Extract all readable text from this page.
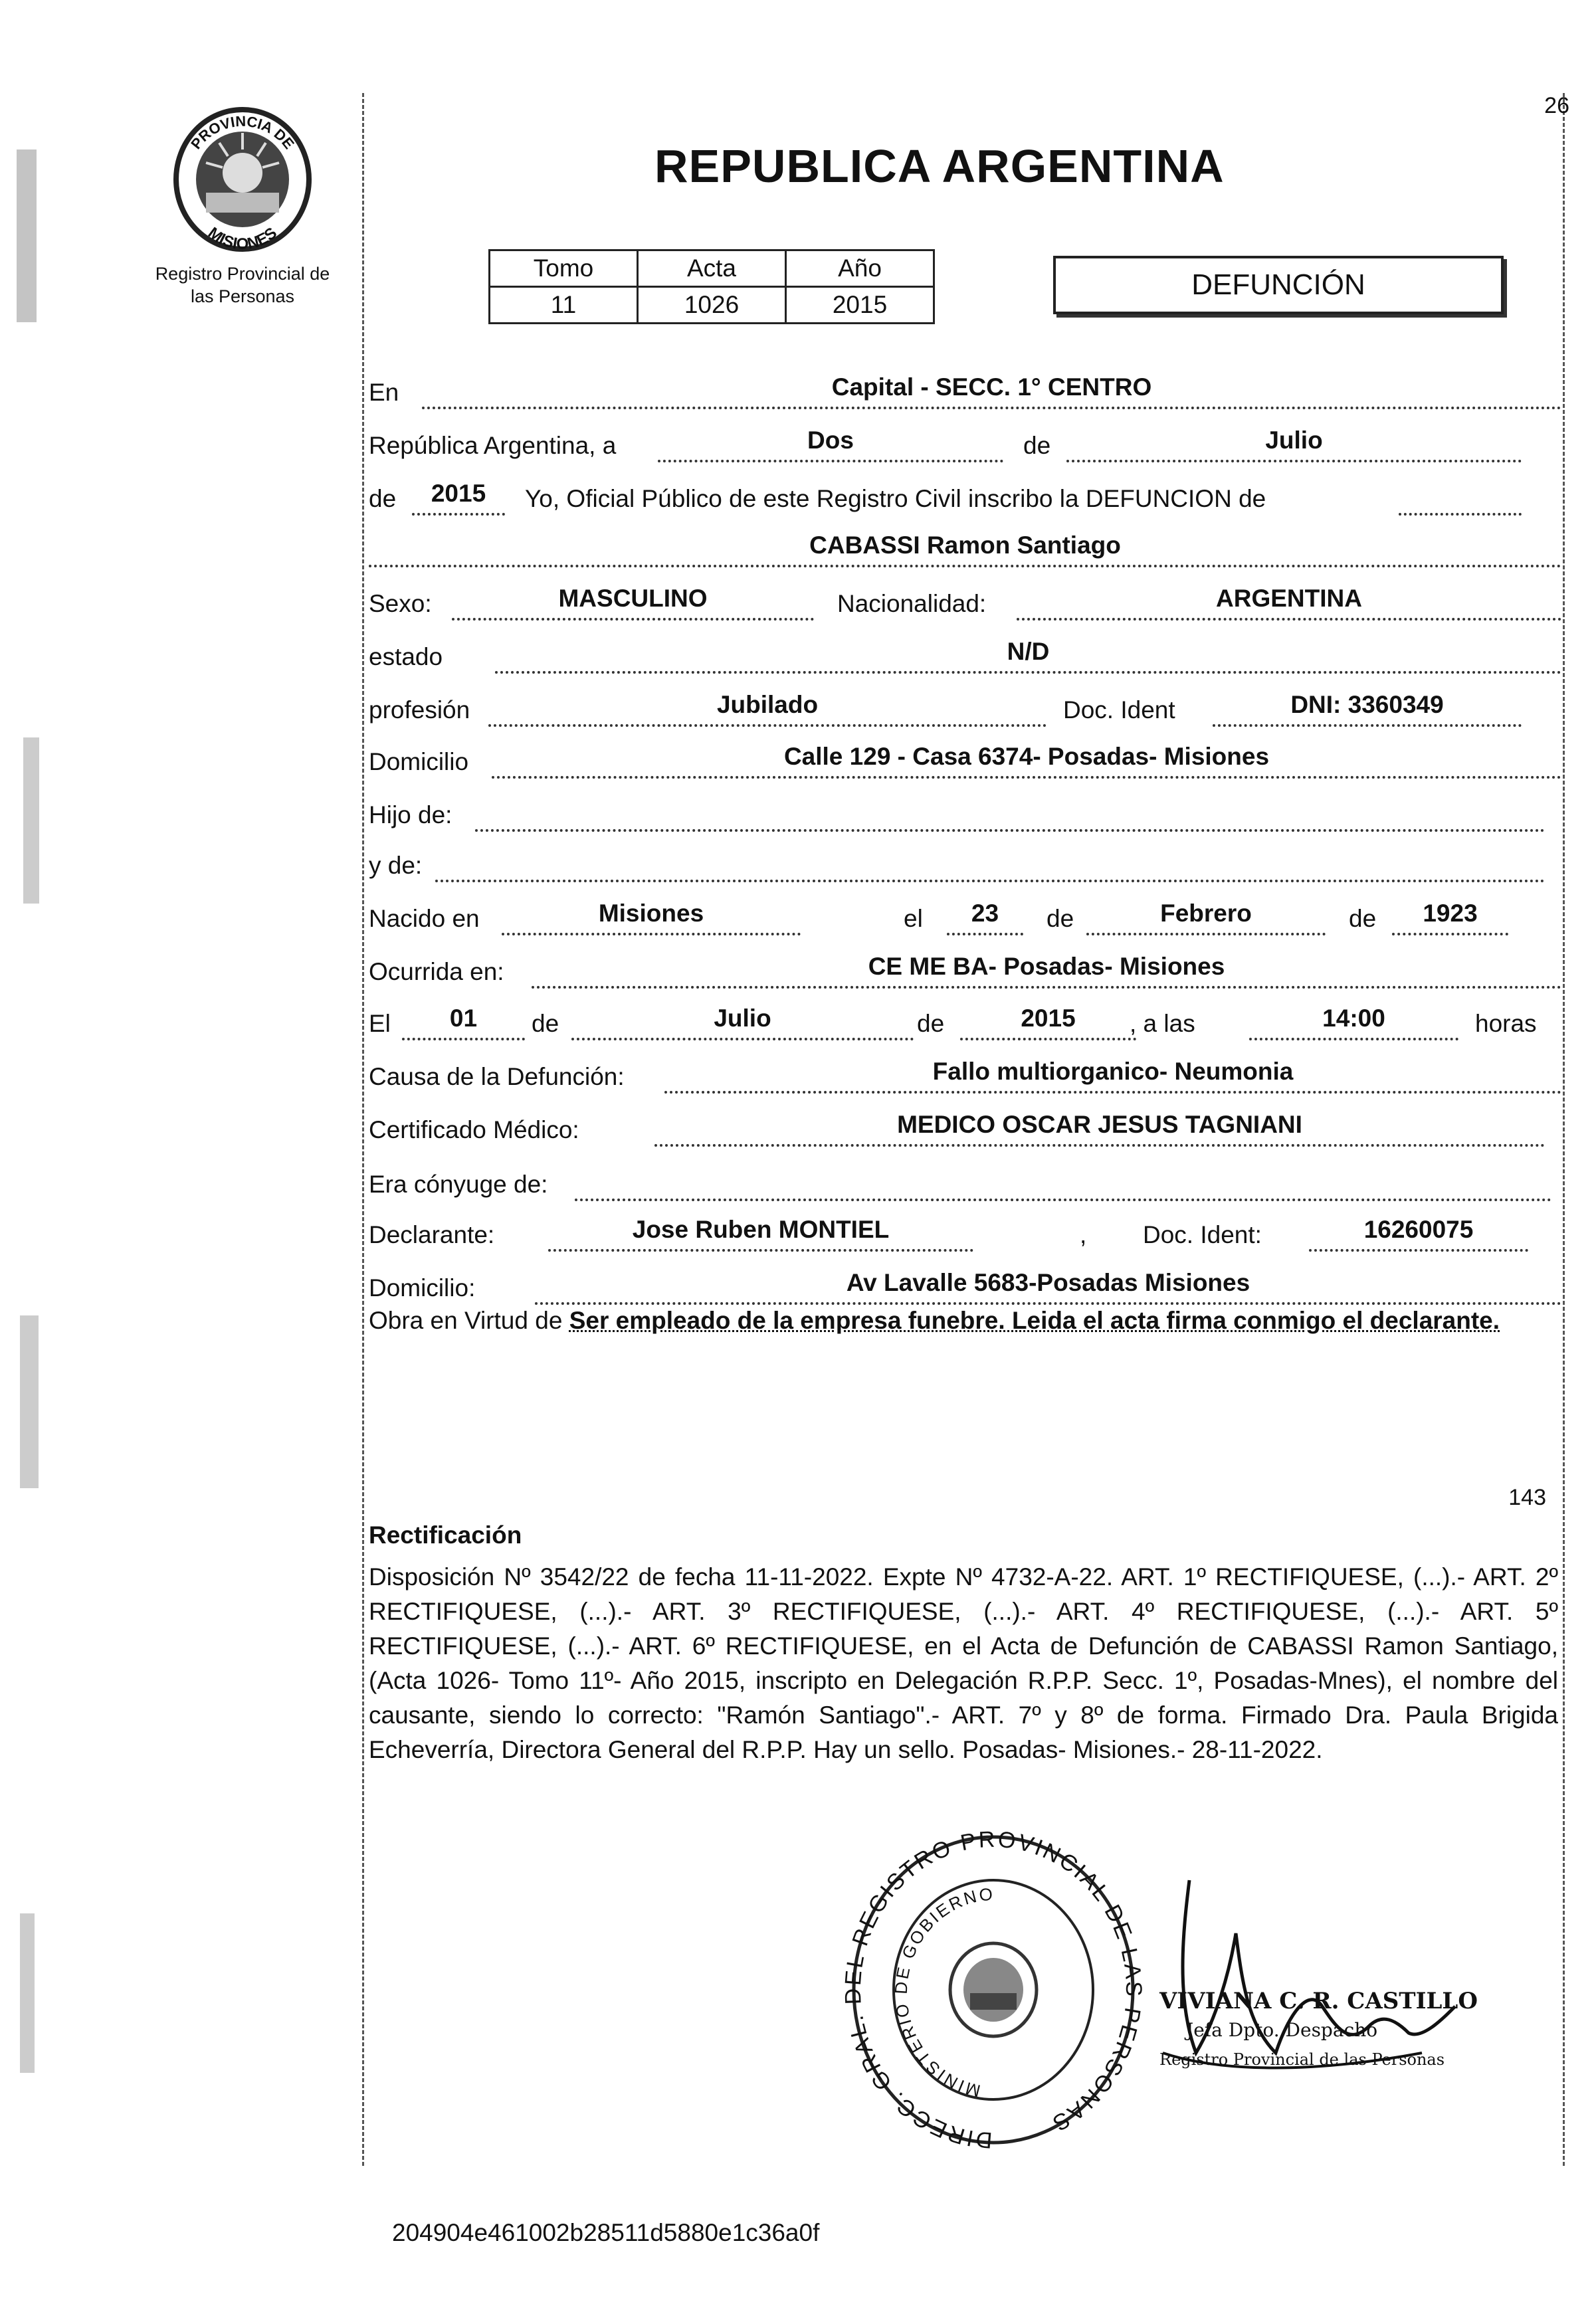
PROVINCIA DE
MISIONES
Registro Provincial de
las Personas
26
REPUBLICA ARGENTINA
Tomo	Acta	Año
11	1026	2015
DEFUNCIÓN
En	Capital - SECC. 1° CENTRO
República Argentina, a	Dos	de	Julio
de	2015	Yo, Oficial Público de este Registro Civil inscribo la DEFUNCION de
CABASSI Ramon Santiago
Sexo:	MASCULINO	Nacionalidad:	ARGENTINA
estado	N/D
profesión	Jubilado	Doc. Ident	DNI: 3360349
Domicilio	Calle 129 - Casa 6374- Posadas- Misiones
Hijo de:
y de:
Nacido en	Misiones	el	23	de	Febrero	de	1923
Ocurrida en:	CE ME BA- Posadas- Misiones
El	01	de	Julio	de	2015	, a las	14:00	horas
Causa de la Defunción:	Fallo multiorganico- Neumonia
Certificado Médico:	MEDICO OSCAR JESUS TAGNIANI
Era cónyuge de:
Declarante:	Jose Ruben MONTIEL	, Doc. Ident:	16260075
Domicilio:	Av Lavalle 5683-Posadas Misiones
Obra en Virtud de Ser empleado de la empresa funebre. Leida el acta firma conmigo el declarante.
143
Rectificación
Disposición Nº 3542/22 de fecha 11-11-2022. Expte Nº 4732-A-22. ART. 1º RECTIFIQUESE, (...).- ART. 2º RECTIFIQUESE, (...).- ART. 3º RECTIFIQUESE, (...).- ART. 4º RECTIFIQUESE, (...).- ART. 5º RECTIFIQUESE, (...).- ART. 6º RECTIFIQUESE, en el Acta de Defunción de CABASSI Ramon Santiago, (Acta 1026- Tomo 11º- Año 2015, inscripto en Delegación R.P.P. Secc. 1º, Posadas-Mnes), el nombre del causante, siendo lo correcto: "Ramón Santiago".- ART. 7º y 8º de forma. Firmado Dra. Paula Brigida Echeverría, Directora General del R.P.P. Hay un sello. Posadas- Misiones.- 28-11-2022.
DIRECC. GRAL. DEL REGISTRO PROVINCIAL DE LAS PERSONAS
MINISTERIO DE GOBIERNO
VIVIANA C. R. CASTILLO
Jefa Dpto. Despacho
Registro Provincial de las Personas
204904e461002b28511d5880e1c36a0f
